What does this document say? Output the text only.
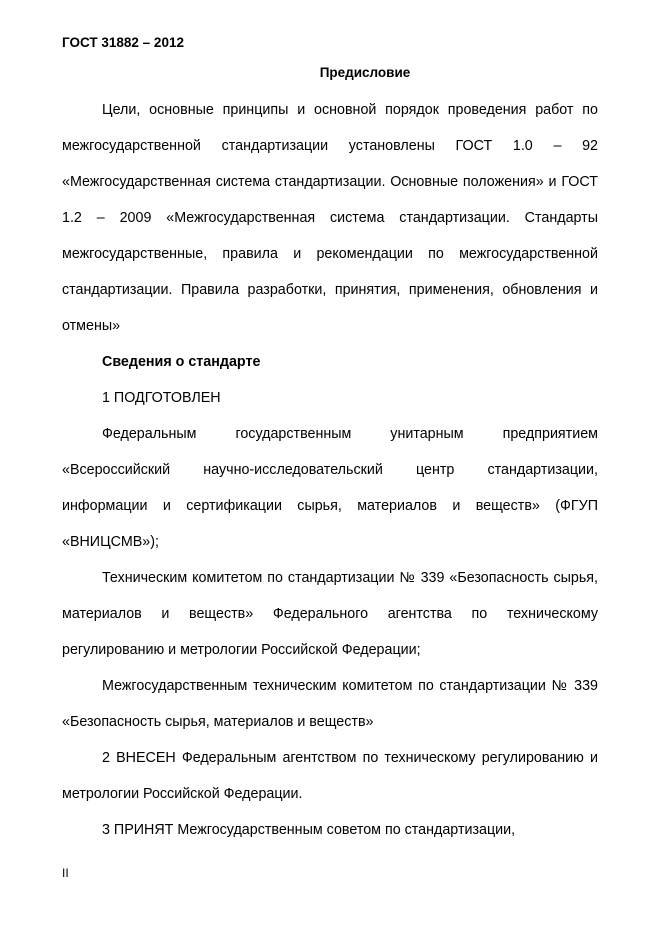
ГОСТ 31882 – 2012
Предисловие

Цели, основные принципы и основной порядок проведения работ по межгосударственной стандартизации установлены ГОСТ 1.0 – 92 «Межгосударственная система стандартизации. Основные положения» и ГОСТ 1.2 – 2009 «Межгосударственная система стандартизации. Стандарты межгосударственные, правила и рекомендации по межгосударственной стандартизации. Правила разработки, принятия, применения, обновления и отмены»

Сведения о стандарте

1 ПОДГОТОВЛЕН

Федеральным государственным унитарным предприятием «Всероссийский научно-исследовательский центр стандартизации, информации и сертификации сырья, материалов и веществ» (ФГУП «ВНИЦСМВ»);

Техническим комитетом по стандартизации № 339 «Безопасность сырья, материалов и веществ» Федерального агентства по техническому регулированию и метрологии Российской Федерации;

Межгосударственным техническим комитетом по стандартизации № 339 «Безопасность сырья, материалов и веществ»

2 ВНЕСЕН Федеральным агентством по техническому регулированию и метрологии Российской Федерации.

3 ПРИНЯТ Межгосударственным советом по стандартизации,

II
